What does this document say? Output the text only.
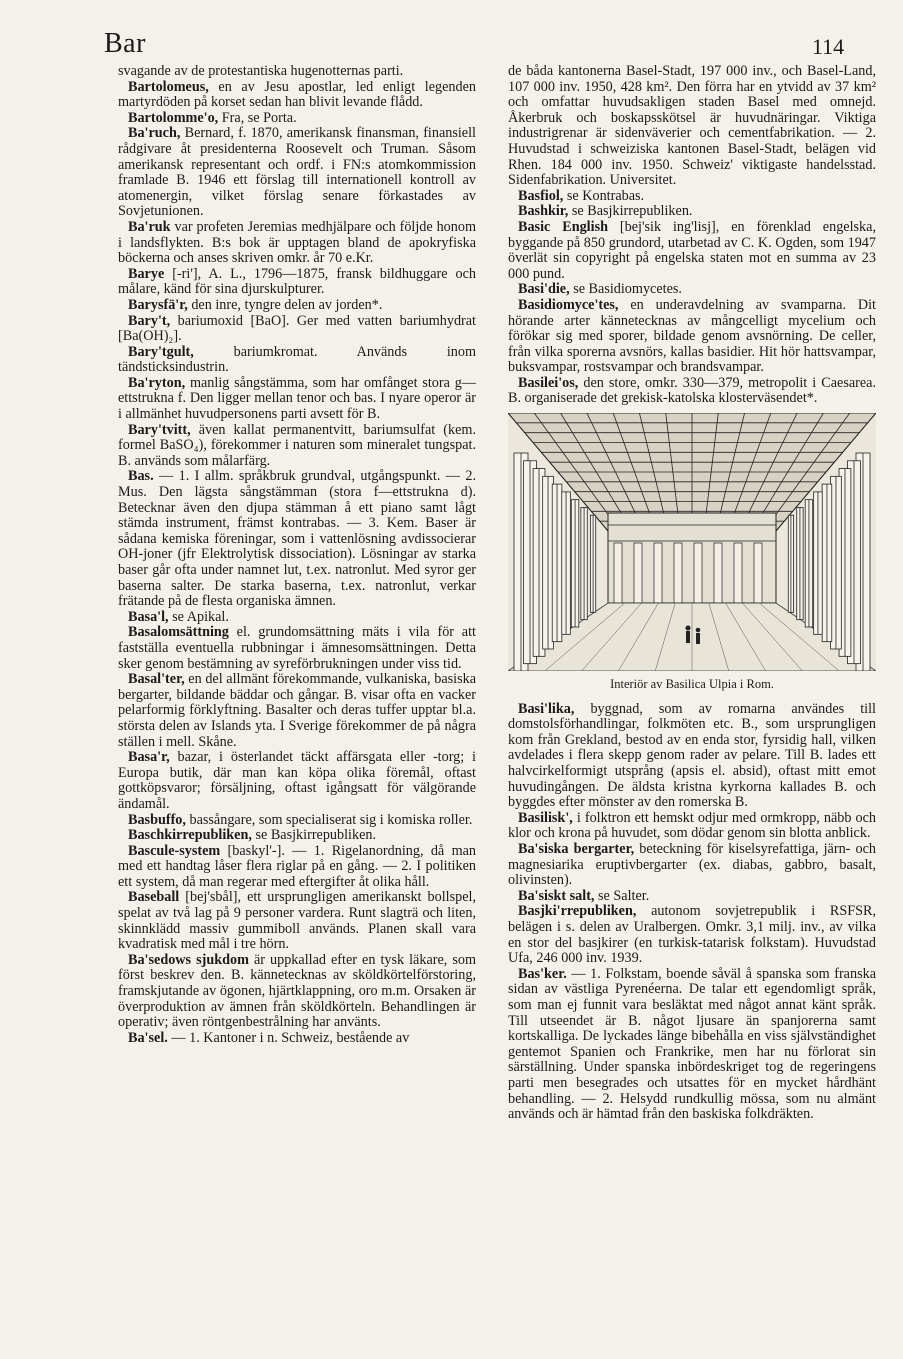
Bar	114

svagande av de protestantiska hugenotternas parti.

Bartolomeus, en av Jesu apostlar, led enligt legenden martyrdöden på korset sedan han blivit levande flådd.

Bartolomme'o, Fra, se Porta.

Ba'ruch, Bernard, f. 1870, amerikansk finansman, finansiell rådgivare åt presidenterna Roosevelt och Truman. Såsom amerikansk representant och ordf. i FN:s atomkommission framlade B. 1946 ett förslag till internationell kontroll av atomenergin, vilket förslag senare förkastades av Sovjetunionen.

Ba'ruk var profeten Jeremias medhjälpare och följde honom i landsflykten. B:s bok är upptagen bland de apokryfiska böckerna och anses skriven omkr. år 70 e.Kr.

Barye [-ri'], A. L., 1796—1875, fransk bildhuggare och målare, känd för sina djurskulpturer.

Barysfä'r, den inre, tyngre delen av jorden*.

Bary't, bariumoxid [BaO]. Ger med vatten bariumhydrat [Ba(OH)₂].

Bary'tgult, bariumkromat. Används inom tändsticksindustrin.

Ba'ryton, manlig sångstämma, som har omfånget stora g—ettstrukna f. Den ligger mellan tenor och bas. I nyare operor är i allmänhet huvudpersonens parti avsett för B.

Bary'tvitt, även kallat permanentvitt, bariumsulfat (kem. formel BaSO₄), förekommer i naturen som mineralet tungspat. B. används som målarfärg.

Bas. — 1. I allm. språkbruk grundval, utgångspunkt. — 2. Mus. Den lägsta sångstämman (stora f—ettstrukna d). Betecknar även den djupa stämman å ett piano samt lågt stämda instrument, främst kontrabas. — 3. Kem. Baser är sådana kemiska föreningar, som i vattenlösning avdissocierar OH-joner (jfr Elektrolytisk dissociation). Lösningar av starka baser går ofta under namnet lut, t.ex. natronlut. Med syror ger baserna salter. De starka baserna, t.ex. natronlut, verkar frätande på de flesta organiska ämnen.

Basa'l, se Apikal.

Basalomsättning el. grundomsättning mäts i vila för att fastställa eventuella rubbningar i ämnesomsättningen. Detta sker genom bestämning av syreförbrukningen under viss tid.

Basal'ter, en del allmänt förekommande, vulkaniska, basiska bergarter, bildande bäddar och gångar. B. visar ofta en vacker pelarformig förklyftning. Basalter och deras tuffer upptar bl.a. största delen av Islands yta. I Sverige förekommer de på några ställen i mell. Skåne.

Basa'r, bazar, i österlandet täckt affärsgata eller -torg; i Europa butik, där man kan köpa olika föremål, oftast gottköpsvaror; försäljning, oftast igångsatt för välgörande ändamål.

Basbuffo, bassångare, som specialiserat sig i komiska roller.

Baschkirrepubliken, se Basjkirrepubliken.

Bascule-system [baskyl'-]. — 1. Rigelanordning, då man med ett handtag låser flera riglar på en gång. — 2. I politiken ett system, då man regerar med eftergifter åt olika håll.

Baseball [bej'sbål], ett ursprungligen amerikanskt bollspel, spelat av två lag på 9 personer vardera. Runt slagträ och liten, skinnklädd massiv gummiboll används. Planen skall vara kvadratisk med mål i tre hörn.

Ba'sedows sjukdom är uppkallad efter en tysk läkare, som först beskrev den. B. kännetecknas av sköldkörtelförstoring, framskjutande av ögonen, hjärtklappning, oro m.m. Orsaken är överproduktion av ämnen från sköldkörteln. Behandlingen är operativ; även röntgenbestrålning har använts.

Ba'sel. — 1. Kantoner i n. Schweiz, bestående av

de båda kantonerna Basel-Stadt, 197 000 inv., och Basel-Land, 107 000 inv. 1950, 428 km². Den förra har en ytvidd av 37 km² och omfattar huvudsakligen staden Basel med omnejd. Åkerbruk och boskapsskötsel är huvudnäringar. Viktiga industrigrenar är sidenväverier och cementfabrikation. — 2. Huvudstad i schweiziska kantonen Basel-Stadt, belägen vid Rhen. 184 000 inv. 1950. Schweiz' viktigaste handelsstad. Sidenfabrikation. Universitet.

Basfiol, se Kontrabas.

Bashkir, se Basjkirrepubliken.

Basic English [bej'sik ing'lisj], en förenklad engelska, byggande på 850 grundord, utarbetad av C. K. Ogden, som 1947 överlät sin copyright på engelska staten mot en summa av 23 000 pund.

Basi'die, se Basidiomycetes.

Basidiomyce'tes, en underavdelning av svamparna. Dit hörande arter kännetecknas av mångcelligt mycelium och förökar sig med sporer, bildade genom avsnörning. De celler, från vilka sporerna avsnörs, kallas basidier. Hit hör hattsvampar, buksvampar, rostsvampar och brandsvampar.

Basilei'os, den store, omkr. 330—379, metropolit i Caesarea. B. organiserade det grekisk-katolska klosterväsendet*.

Interiör av Basilica Ulpia i Rom.

Basi'lika, byggnad, som av romarna användes till domstolsförhandlingar, folkmöten etc. B., som ursprungligen kom från Grekland, bestod av en enda stor, fyrsidig hall, vilken avdelades i flera skepp genom rader av pelare. Till B. lades ett halvcirkelformigt utsprång (apsis el. absid), oftast mitt emot huvudingången. De äldsta kristna kyrkorna kallades B. och byggdes efter mönster av den romerska B.

Basilisk', i folktron ett hemskt odjur med ormkropp, näbb och klor och krona på huvudet, som dödar genom sin blotta anblick.

Ba'siska bergarter, beteckning för kiselsyrefattiga, järn- och magnesiarika eruptivbergarter (ex. diabas, gabbro, basalt, olivinsten).

Ba'siskt salt, se Salter.

Basjki'rrepubliken, autonom sovjetrepublik i RSFSR, belägen i s. delen av Uralbergen. Omkr. 3,1 milj. inv., av vilka en stor del basjkirer (en turkisk-tatarisk folkstam). Huvudstad Ufa, 246 000 inv. 1939.

Bas'ker. — 1. Folkstam, boende såväl å spanska som franska sidan av västliga Pyrenéerna. De talar ett egendomligt språk, som man ej funnit vara besläktat med något annat känt språk. Till utseendet är B. något ljusare än spanjorerna samt kortskalliga. De lyckades länge bibehålla en viss självständighet gentemot Spanien och Frankrike, men har nu förlorat sin särställning. Under spanska inbördeskriget tog de regeringens parti men besegrades och utsattes för en mycket hårdhänt behandling. — 2. Helsydd rundkullig mössa, som nu almänt används och är hämtad från den baskiska folkdräkten.
